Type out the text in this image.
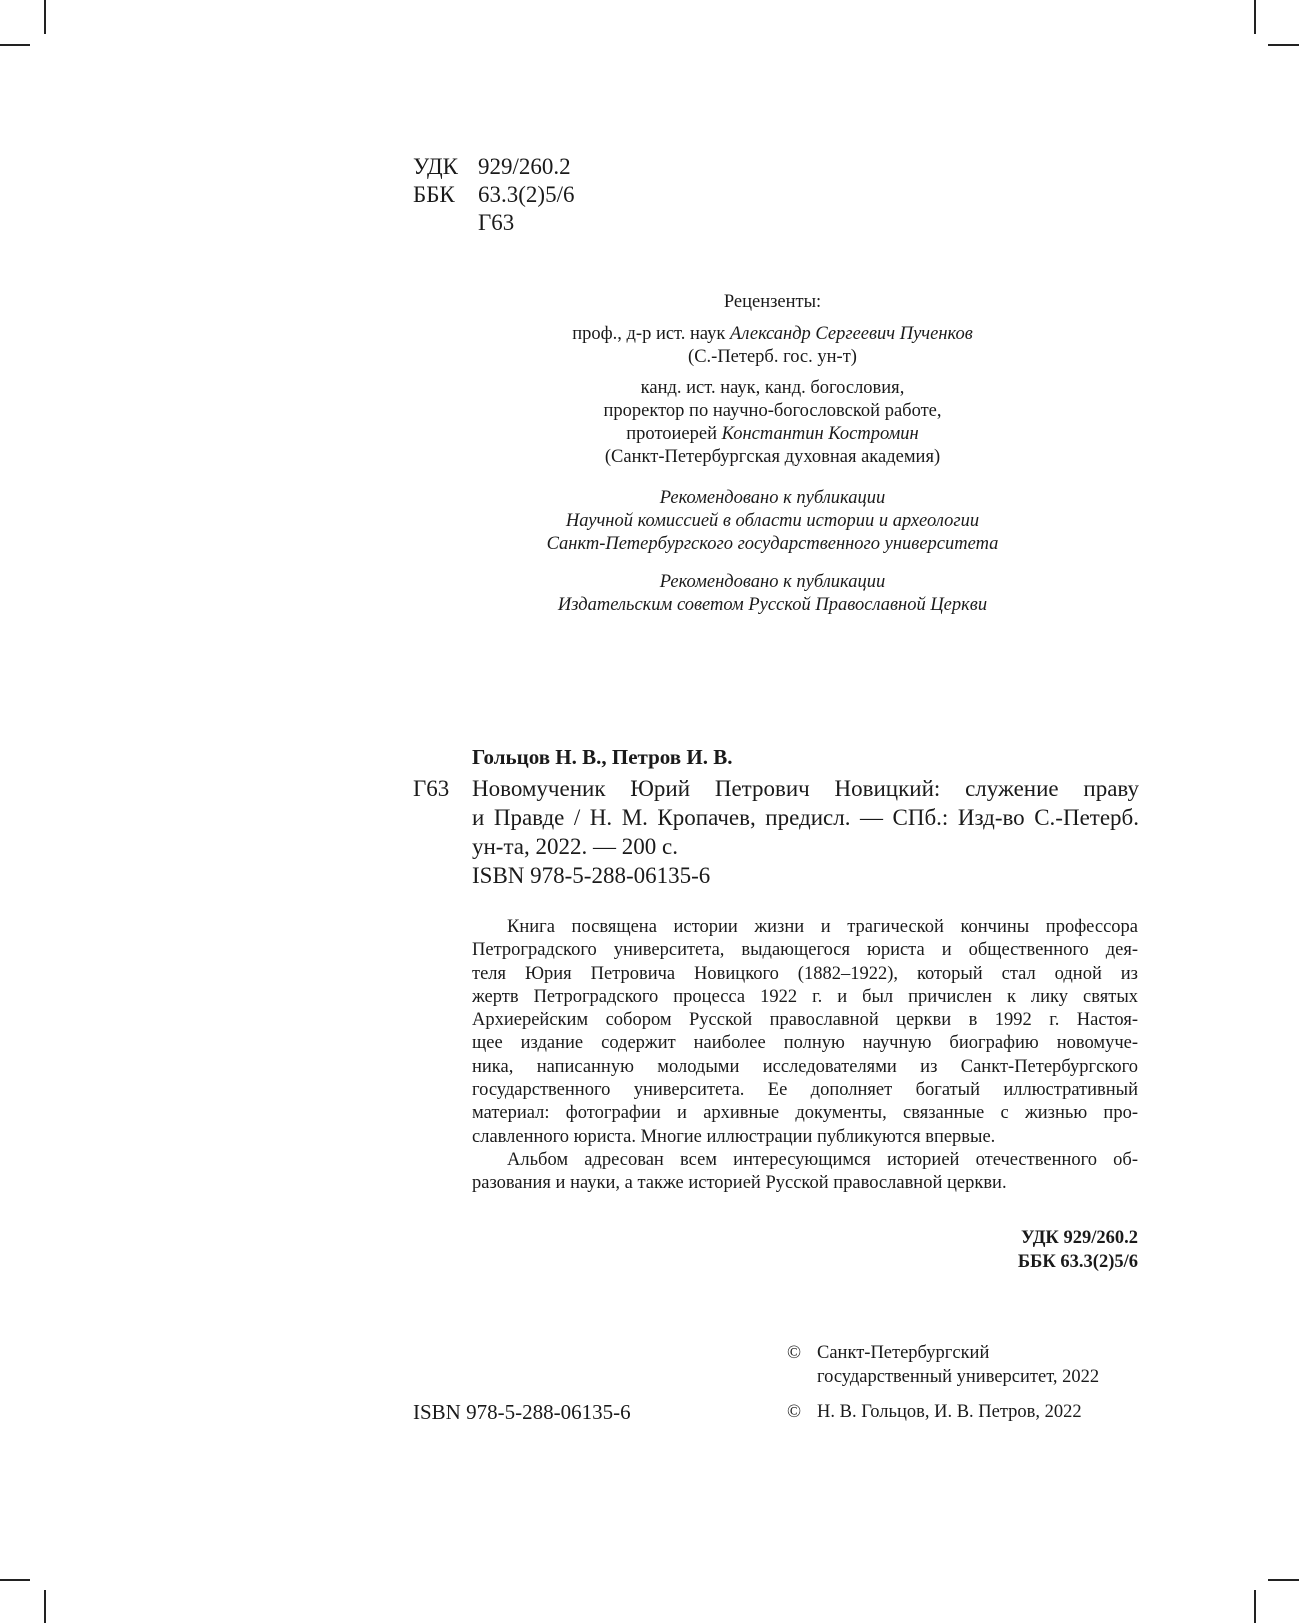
УДК 929/260.2
ББК	63.3(2)5/6
Г63
Рецензенты:
проф., д-р ист. наук Александр Сергеевич Пученков
(С.-Петерб. гос. ун-т)
канд. ист. наук, канд. богословия,
проректор по научно-богословской работе,
протоиерей Константин Костромин
(Санкт-Петербургская духовная академия)
Рекомендовано к публикации
Научной комиссией в области истории и археологии
Санкт-Петербургского государственного университета
Рекомендовано к публикации
Издательским советом Русской Православной Церкви
Гольцов Н. В., Петров И. В.
Г63 Новомученик Юрий Петрович Новицкий: служение праву
и Правде / Н. М. Кропачев, предисл. — СПб.: Изд-во С.-Петерб.
ун-та, 2022. — 200 с.
ISBN 978-5-288-06135-6
Книга посвящена истории жизни и трагической кончины профессора
Петроградского университета, выдающегося юриста и общественного дея-
теля Юрия Петровича Новицкого (1882–1922), который стал одной из
жертв Петроградского процесса 1922 г. и был причислен к лику святых
Архиерейским собором Русской православной церкви в 1992 г. Настоя-
щее издание содержит наиболее полную научную биографию новомуче-
ника, написанную молодыми исследователями из Санкт-Петербургского
государственного университета. Ее дополняет богатый иллюстративный
материал: фотографии и архивные документы, связанные с жизнью про-
славленного юриста. Многие иллюстрации публикуются впервые.
Альбом адресован всем интересующимся историей отечественного об-
разования и науки, а также историей Русской православной церкви.
УДК 929/260.2
ББК 63.3(2)5/6
© Санкт-Петербургский
государственный университет, 2022
© Н. В. Гольцов, И. В. Петров, 2022
ISBN 978-5-288-06135-6
